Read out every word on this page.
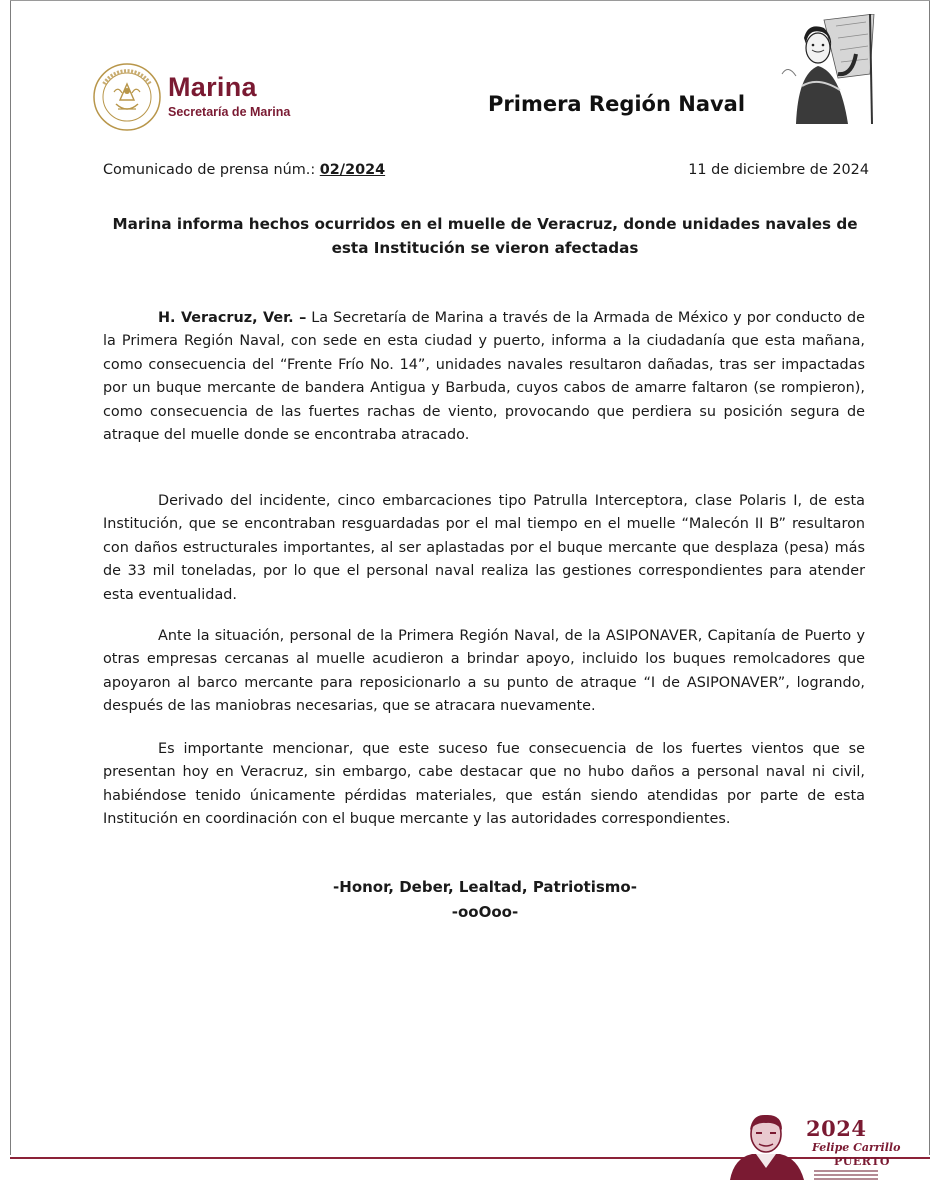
Marina
Secretaría de Marina	Primera Región Naval
Comunicado de prensa núm.: 02/2024	11 de diciembre de 2024
Marina informa hechos ocurridos en el muelle de Veracruz, donde unidades navales de esta Institución se vieron afectadas

H. Veracruz, Ver. – La Secretaría de Marina a través de la Armada de México y por conducto de la Primera Región Naval, con sede en esta ciudad y puerto, informa a la ciudadanía que esta mañana, como consecuencia del “Frente Frío No. 14”, unidades navales resultaron dañadas, tras ser impactadas por un buque mercante de bandera Antigua y Barbuda, cuyos cabos de amarre faltaron (se rompieron), como consecuencia de las fuertes rachas de viento, provocando que perdiera su posición segura de atraque del muelle donde se encontraba atracado.

Derivado del incidente, cinco embarcaciones tipo Patrulla Interceptora, clase Polaris I, de esta Institución, que se encontraban resguardadas por el mal tiempo en el muelle “Malecón II B” resultaron con daños estructurales importantes, al ser aplastadas por el buque mercante que desplaza (pesa) más de 33 mil toneladas, por lo que el personal naval realiza las gestiones correspondientes para atender esta eventualidad.

Ante la situación, personal de la Primera Región Naval, de la ASIPONAVER, Capitanía de Puerto y otras empresas cercanas al muelle acudieron a brindar apoyo, incluido los buques remolcadores que apoyaron al barco mercante para reposicionarlo a su punto de atraque “I de ASIPONAVER”, logrando, después de las maniobras necesarias, que se atracara nuevamente.

Es importante mencionar, que este suceso fue consecuencia de los fuertes vientos que se presentan hoy en Veracruz, sin embargo, cabe destacar que no hubo daños a personal naval ni civil, habiéndose tenido únicamente pérdidas materiales, que están siendo atendidas por parte de esta Institución en coordinación con el buque mercante y las autoridades correspondientes.

-Honor, Deber, Lealtad, Patriotismo-
-ooOoo-
2024
Felipe Carrillo
PUERTO
